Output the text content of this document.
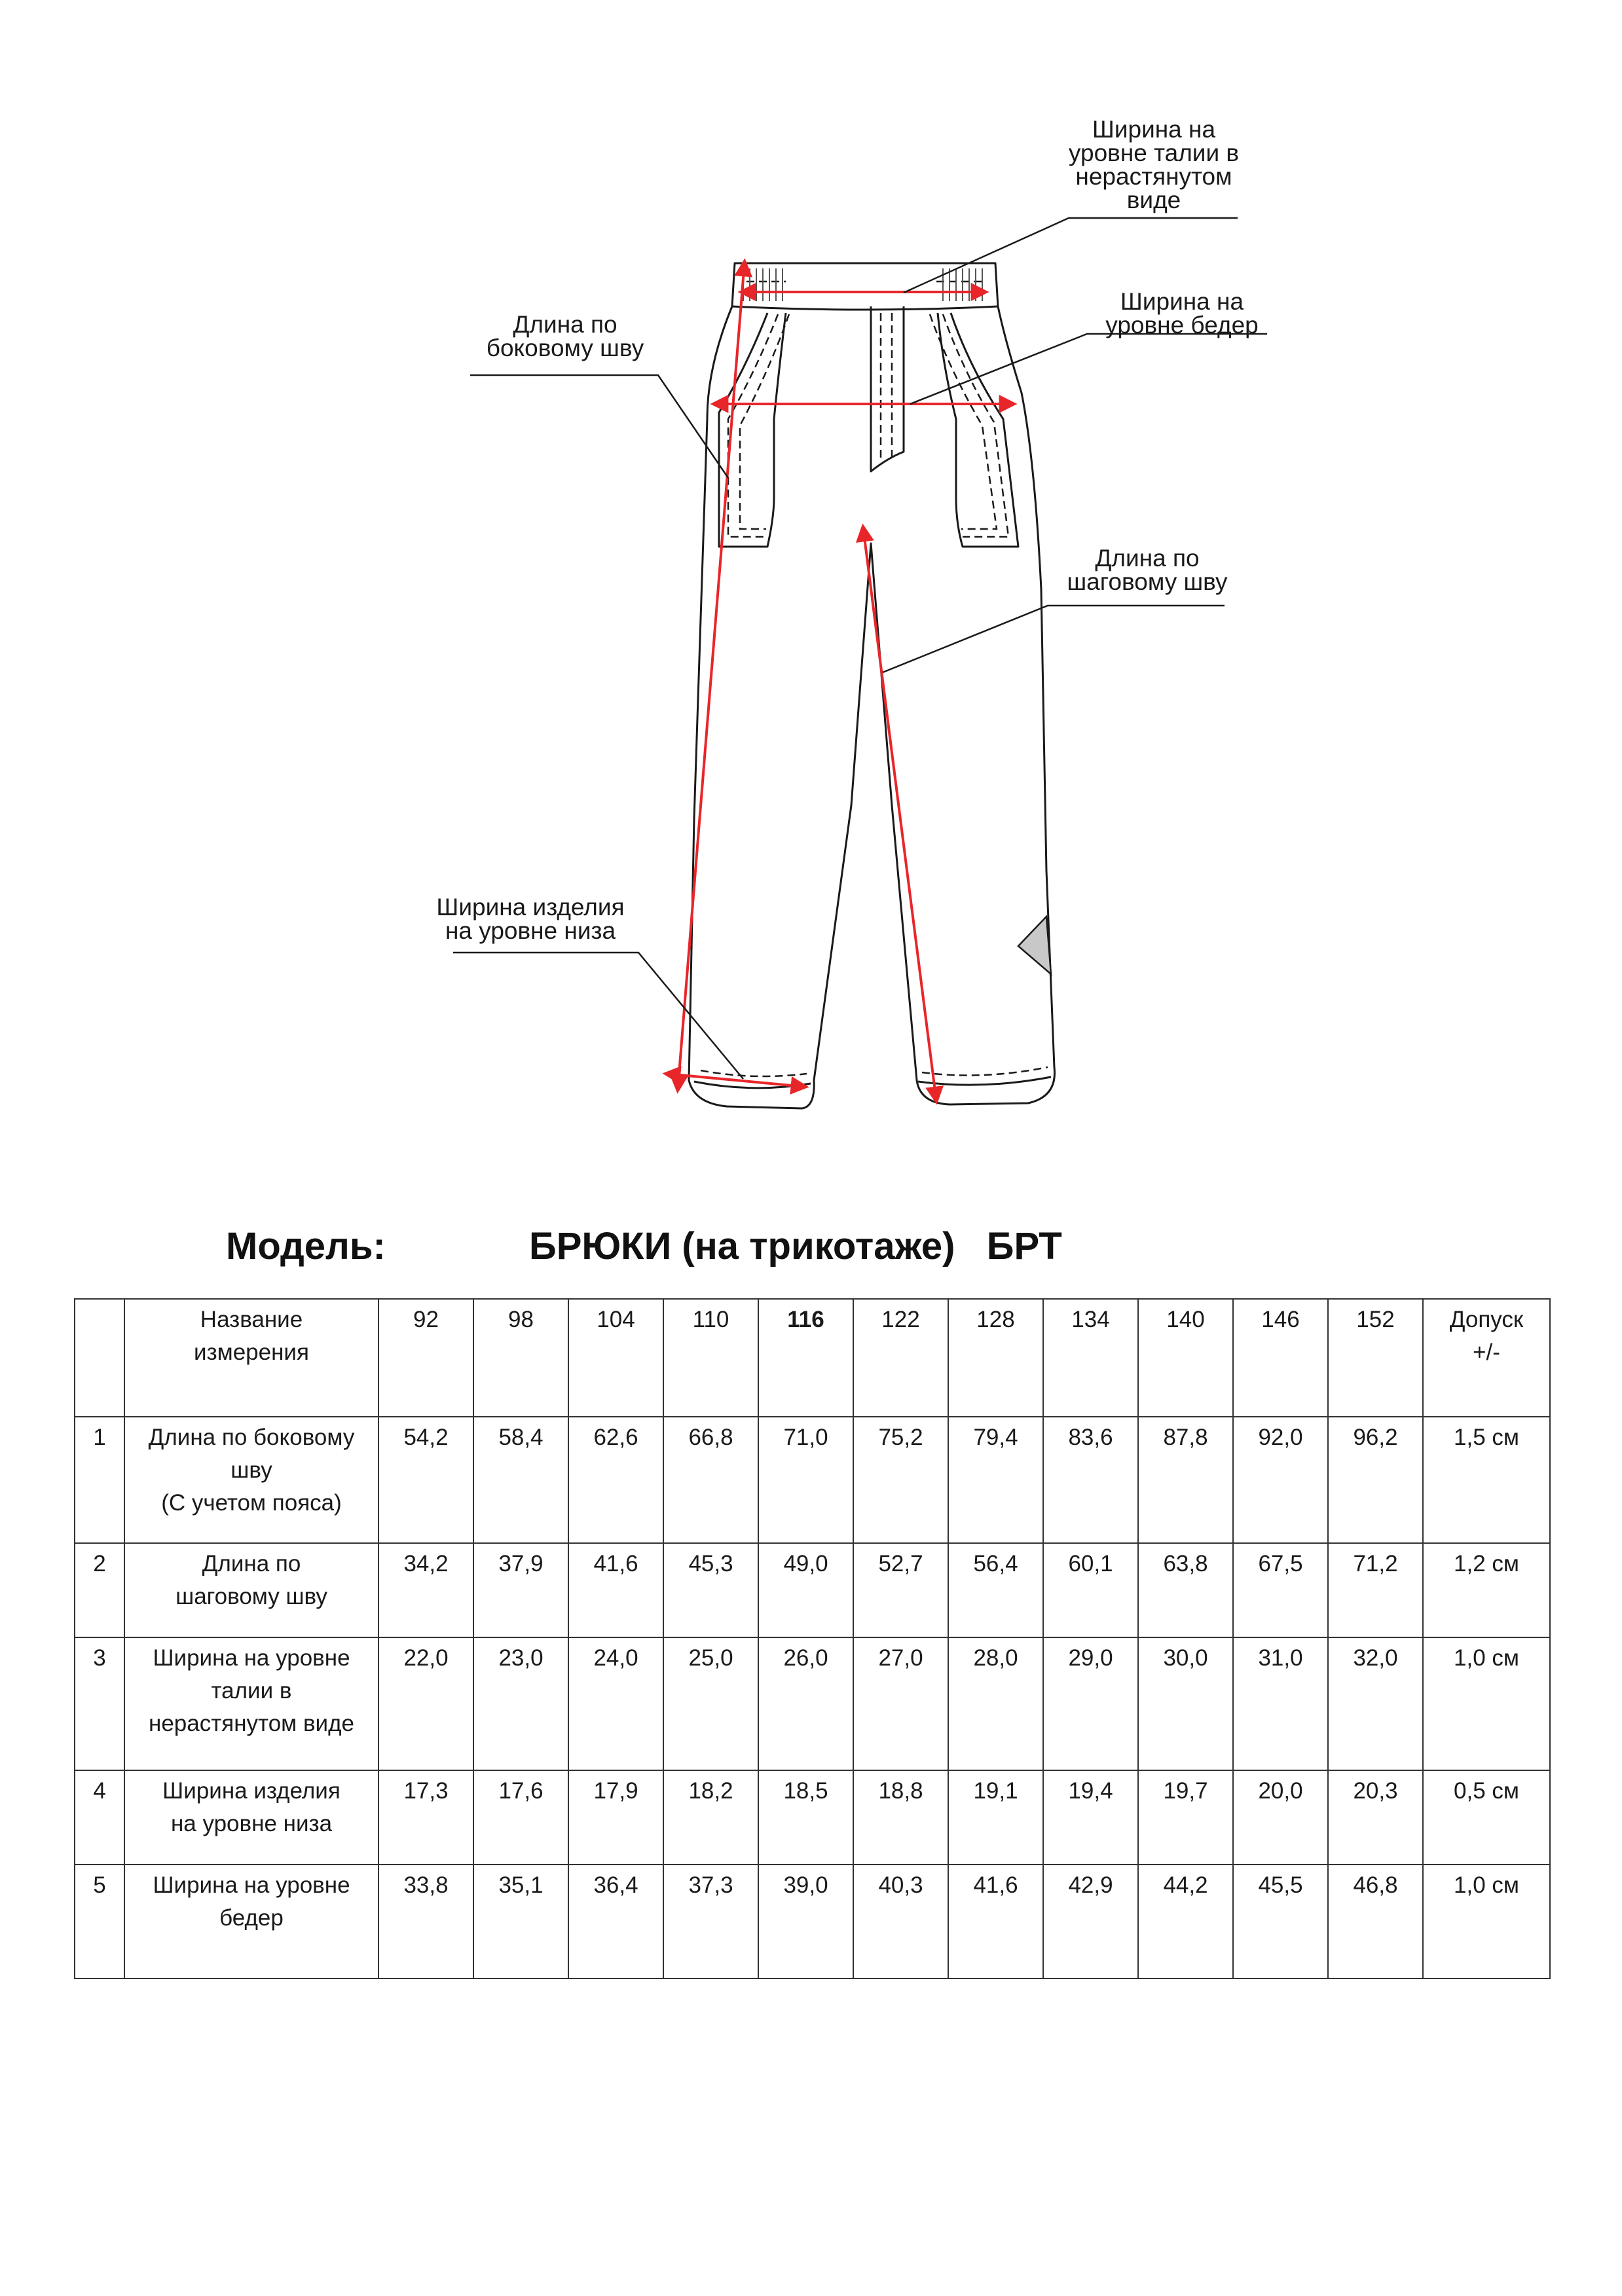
Ширина на
уровне талии в
нерастянутом
виде
Длина по
боковому шву
Ширина на
уровне бедер
Длина по
шаговому шву
Ширина изделия
на уровне низа
Модель:	БРЮКИ (на трикотаже)   БРТ

	Название
измерения	92	98	104	110	116	122	128	134	140	146	152	Допуск
+/-

1	Длина по боковому
шву
(С учетом пояса)	54,2	58,4	62,6	66,8	71,0	75,2	79,4	83,6	87,8	92,0	96,2	1,5 см
2	Длина по
шаговому шву	34,2	37,9	41,6	45,3	49,0	52,7	56,4	60,1	63,8	67,5	71,2	1,2 см
3	Ширина на уровне
талии в
нерастянутом виде	22,0	23,0	24,0	25,0	26,0	27,0	28,0	29,0	30,0	31,0	32,0	1,0 см
4	Ширина изделия
на уровне низа	17,3	17,6	17,9	18,2	18,5	18,8	19,1	19,4	19,7	20,0	20,3	0,5 см
5	Ширина на уровне
бедер	33,8	35,1	36,4	37,3	39,0	40,3	41,6	42,9	44,2	45,5	46,8	1,0 см
